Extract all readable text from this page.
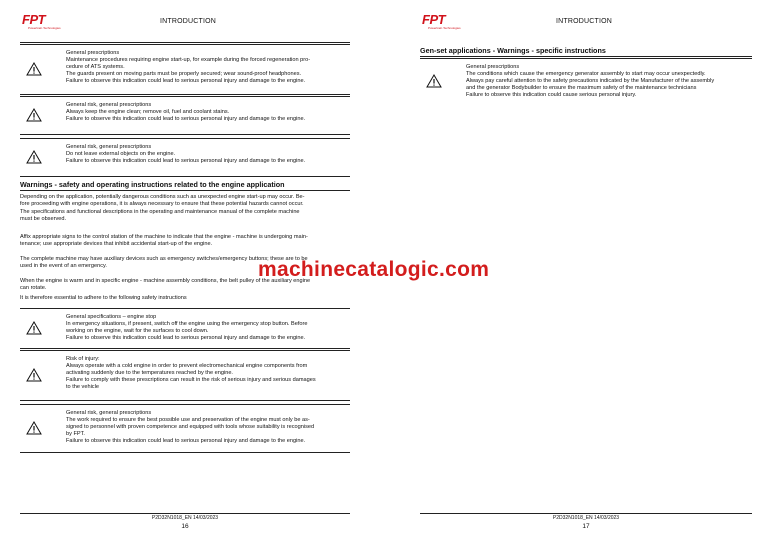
FPT
Powertrain Technologies
INTRODUCTION
General prescriptions
Maintenance procedures requiring engine start-up, for example during the forced regeneration pro-
cedure of ATS systems.
The guards present on moving parts must be properly secured; wear sound-proof headphones.
Failure to observe this indication could lead to serious personal injury and damage to the engine.
General risk, general prescriptions
Always keep the engine clean; remove oil, fuel and coolant stains.
Failure to observe this indication could lead to serious personal injury and damage to the engine.
General risk, general prescriptions
Do not leave external objects on the engine.
Failure to observe this indication could lead to serious personal injury and damage to the engine.
Warnings - safety and operating instructions related to the engine application
Depending on the application, potentially dangerous conditions such as unexpected engine start-up may occur. Be-
fore proceeding with engine operations, it is always necessary to ensure that these potential hazards cannot occur.
The specifications and functional descriptions in the operating and maintenance manual of the complete machine
must be observed.
Affix appropriate signs to the control station of the machine to indicate that the engine - machine is undergoing main-
tenance; use appropriate devices that inhibit accidental start-up of the engine.
The complete machine may have auxiliary devices such as emergency switches/emergency buttons; these are to be
used in the event of an emergency.
When the engine is warm and in specific engine - machine assembly conditions, the belt pulley of the auxiliary engine
can rotate.
It is therefore essential to adhere to the following safety instructions
General specifications – engine stop
In emergency situations, if present, switch off the engine using the emergency stop button. Before
working on the engine, wait for the surfaces to cool down.
Failure to observe this indication could lead to serious personal injury and damage to the engine.
Risk of injury:
Always operate with a cold engine in order to prevent electromechanical engine components from
activating suddenly due to the temperatures reached by the engine.
Failure to comply with these prescriptions can result in the risk of serious injury and serious damages
to the vehicle
General risk, general prescriptions
The work required to ensure the best possible use and preservation of the engine must only be as-
signed to personnel with proven competence and equipped with tools whose suitability is recognised
by FPT.
Failure to observe this indication could lead to serious personal injury and damage to the engine.
P2D32N1018_EN 14/03/2023
16
FPT
Powertrain Technologies
INTRODUCTION
Gen-set applications - Warnings - specific instructions
General prescriptions
The conditions which cause the emergency generator assembly to start may occur unexpectedly.
Always pay careful attention to the safety precautions indicated by the Manufacturer of the assembly
and the generator Bodybuilder to ensure the maximum safety of the maintenance technicians
Failure to observe this indication could cause serious personal injury.
P2D32N1018_EN 14/03/2023
17
machinecatalogic.com
